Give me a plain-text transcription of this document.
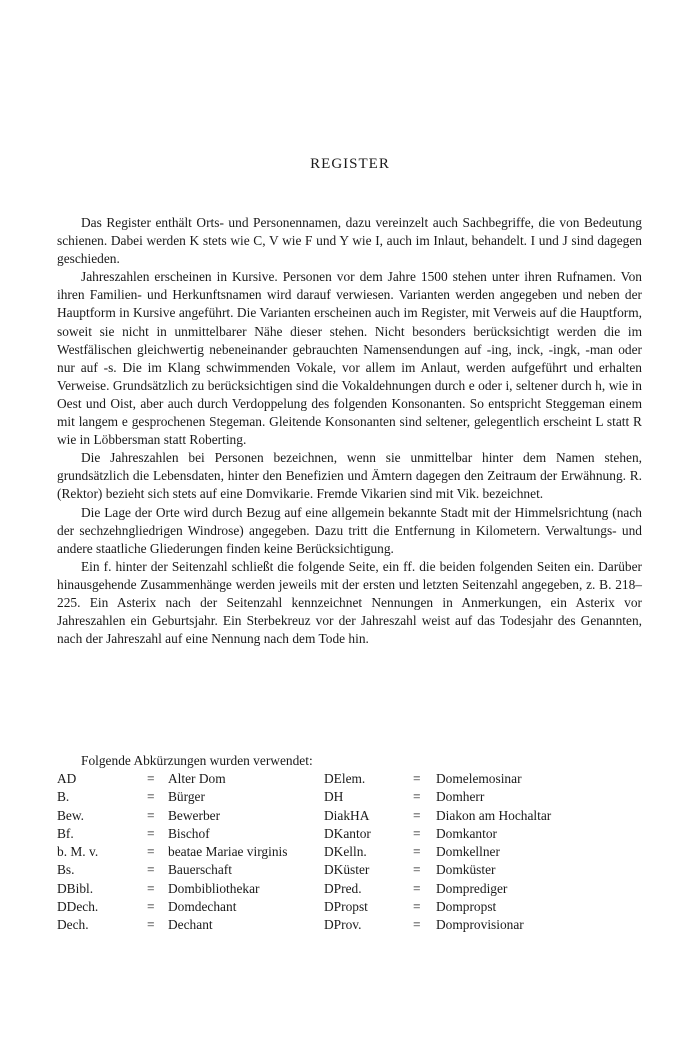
REGISTER

Das Register enthält Orts- und Personennamen, dazu vereinzelt auch Sachbegriffe, die von Bedeutung schienen. Dabei werden K stets wie C, V wie F und Y wie I, auch im Inlaut, behandelt. I und J sind dagegen geschieden.

Jahreszahlen erscheinen in Kursive. Personen vor dem Jahre 1500 stehen unter ihren Rufnamen. Von ihren Familien- und Herkunftsnamen wird darauf verwiesen. Varianten werden angegeben und neben der Hauptform in Kursive angeführt. Die Varianten erscheinen auch im Register, mit Verweis auf die Hauptform, soweit sie nicht in unmittelbarer Nähe dieser stehen. Nicht besonders berücksichtigt werden die im Westfälischen gleichwertig nebeneinander gebrauchten Namensendungen auf -ing, inck, -ingk, -man oder nur auf -s. Die im Klang schwimmenden Vokale, vor allem im Anlaut, werden aufgeführt und erhalten Verweise. Grundsätzlich zu berücksichtigen sind die Vokaldehnungen durch e oder i, seltener durch h, wie in Oest und Oist, aber auch durch Verdoppelung des folgenden Konsonanten. So entspricht Steggeman einem mit langem e gesprochenen Stegeman. Gleitende Konsonanten sind seltener, gelegentlich erscheint L statt R wie in Löbbersman statt Roberting.

Die Jahreszahlen bei Personen bezeichnen, wenn sie unmittelbar hinter dem Namen stehen, grundsätzlich die Lebensdaten, hinter den Benefizien und Ämtern dagegen den Zeitraum der Erwähnung. R. (Rektor) bezieht sich stets auf eine Domvikarie. Fremde Vikarien sind mit Vik. bezeichnet.

Die Lage der Orte wird durch Bezug auf eine allgemein bekannte Stadt mit der Himmelsrichtung (nach der sechzehngliedrigen Windrose) angegeben. Dazu tritt die Entfernung in Kilometern. Verwaltungs- und andere staatliche Gliederungen finden keine Berücksichtigung.

Ein f. hinter der Seitenzahl schließt die folgende Seite, ein ff. die beiden folgenden Seiten ein. Darüber hinausgehende Zusammenhänge werden jeweils mit der ersten und letzten Seitenzahl angegeben, z. B. 218–225. Ein Asterix nach der Seitenzahl kennzeichnet Nennungen in Anmerkungen, ein Asterix vor Jahreszahlen ein Geburtsjahr. Ein Sterbekreuz vor der Jahreszahl weist auf das Todesjahr des Genannten, nach der Jahreszahl auf eine Nennung nach dem Tode hin.

Folgende Abkürzungen wurden verwendet:
AD	= Alter Dom	DElem.	= Domelemosinar
B.	= Bürger	DH	= Domherr
Bew.	= Bewerber	DiakHA	= Diakon am Hochaltar
Bf.	= Bischof	DKantor	= Domkantor
b. M. v.	= beatae Mariae virginis	DKelln.	= Domkellner
Bs.	= Bauerschaft	DKüster	= Domküster
DBibl.	= Dombibliothekar	DPred.	= Domprediger
DDech.	= Domdechant	DPropst	= Dompropst
Dech.	= Dechant	DProv.	= Domprovisionar
